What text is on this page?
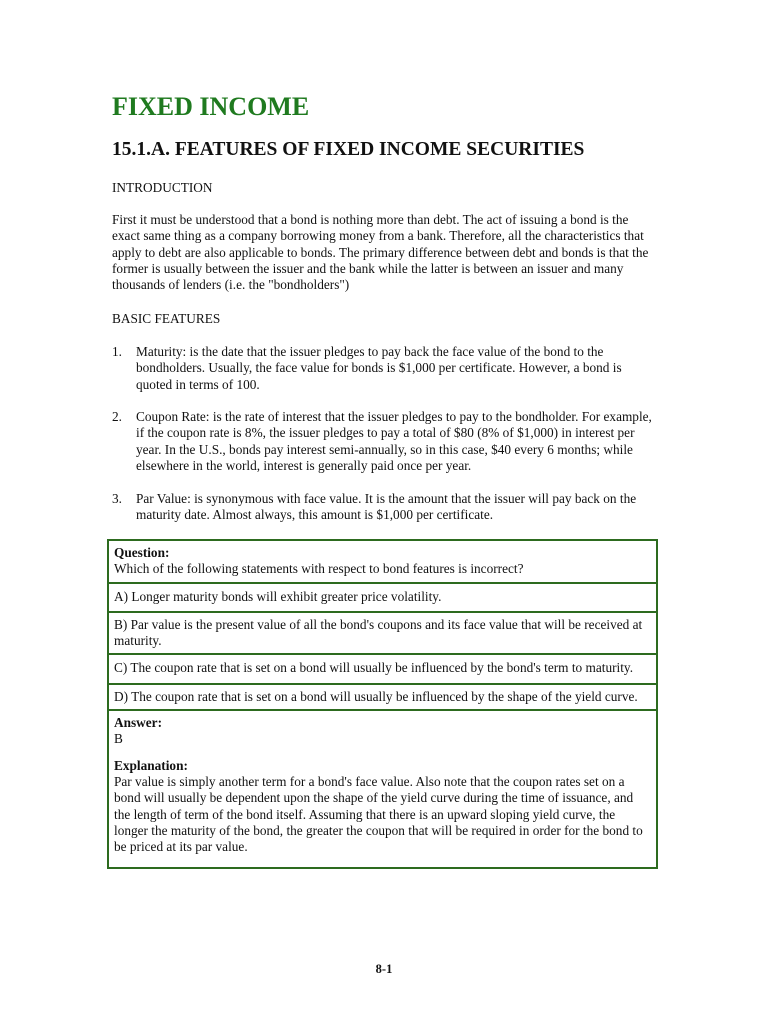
FIXED INCOME
15.1.A. FEATURES OF FIXED INCOME SECURITIES
INTRODUCTION
First it must be understood that a bond is nothing more than debt. The act of issuing a bond is the exact same thing as a company borrowing money from a bank. Therefore, all the characteristics that apply to debt are also applicable to bonds. The primary difference between debt and bonds is that the former is usually between the issuer and the bank while the latter is between an issuer and many thousands of lenders (i.e. the "bondholders")
BASIC FEATURES
1. Maturity: is the date that the issuer pledges to pay back the face value of the bond to the bondholders. Usually, the face value for bonds is $1,000 per certificate. However, a bond is quoted in terms of 100.
2. Coupon Rate: is the rate of interest that the issuer pledges to pay to the bondholder. For example, if the coupon rate is 8%, the issuer pledges to pay a total of $80 (8% of $1,000) in interest per year. In the U.S., bonds pay interest semi-annually, so in this case, $40 every 6 months; while elsewhere in the world, interest is generally paid once per year.
3. Par Value: is synonymous with face value. It is the amount that the issuer will pay back on the maturity date. Almost always, this amount is $1,000 per certificate.
Question:
Which of the following statements with respect to bond features is incorrect?
A) Longer maturity bonds will exhibit greater price volatility.
B) Par value is the present value of all the bond's coupons and its face value that will be received at maturity.
C) The coupon rate that is set on a bond will usually be influenced by the bond's term to maturity.
D) The coupon rate that is set on a bond will usually be influenced by the shape of the yield curve.
Answer:
B
Explanation:
Par value is simply another term for a bond's face value. Also note that the coupon rates set on a bond will usually be dependent upon the shape of the yield curve during the time of issuance, and the length of term of the bond itself. Assuming that there is an upward sloping yield curve, the longer the maturity of the bond, the greater the coupon that will be required in order for the bond to be priced at its par value.
8-1
